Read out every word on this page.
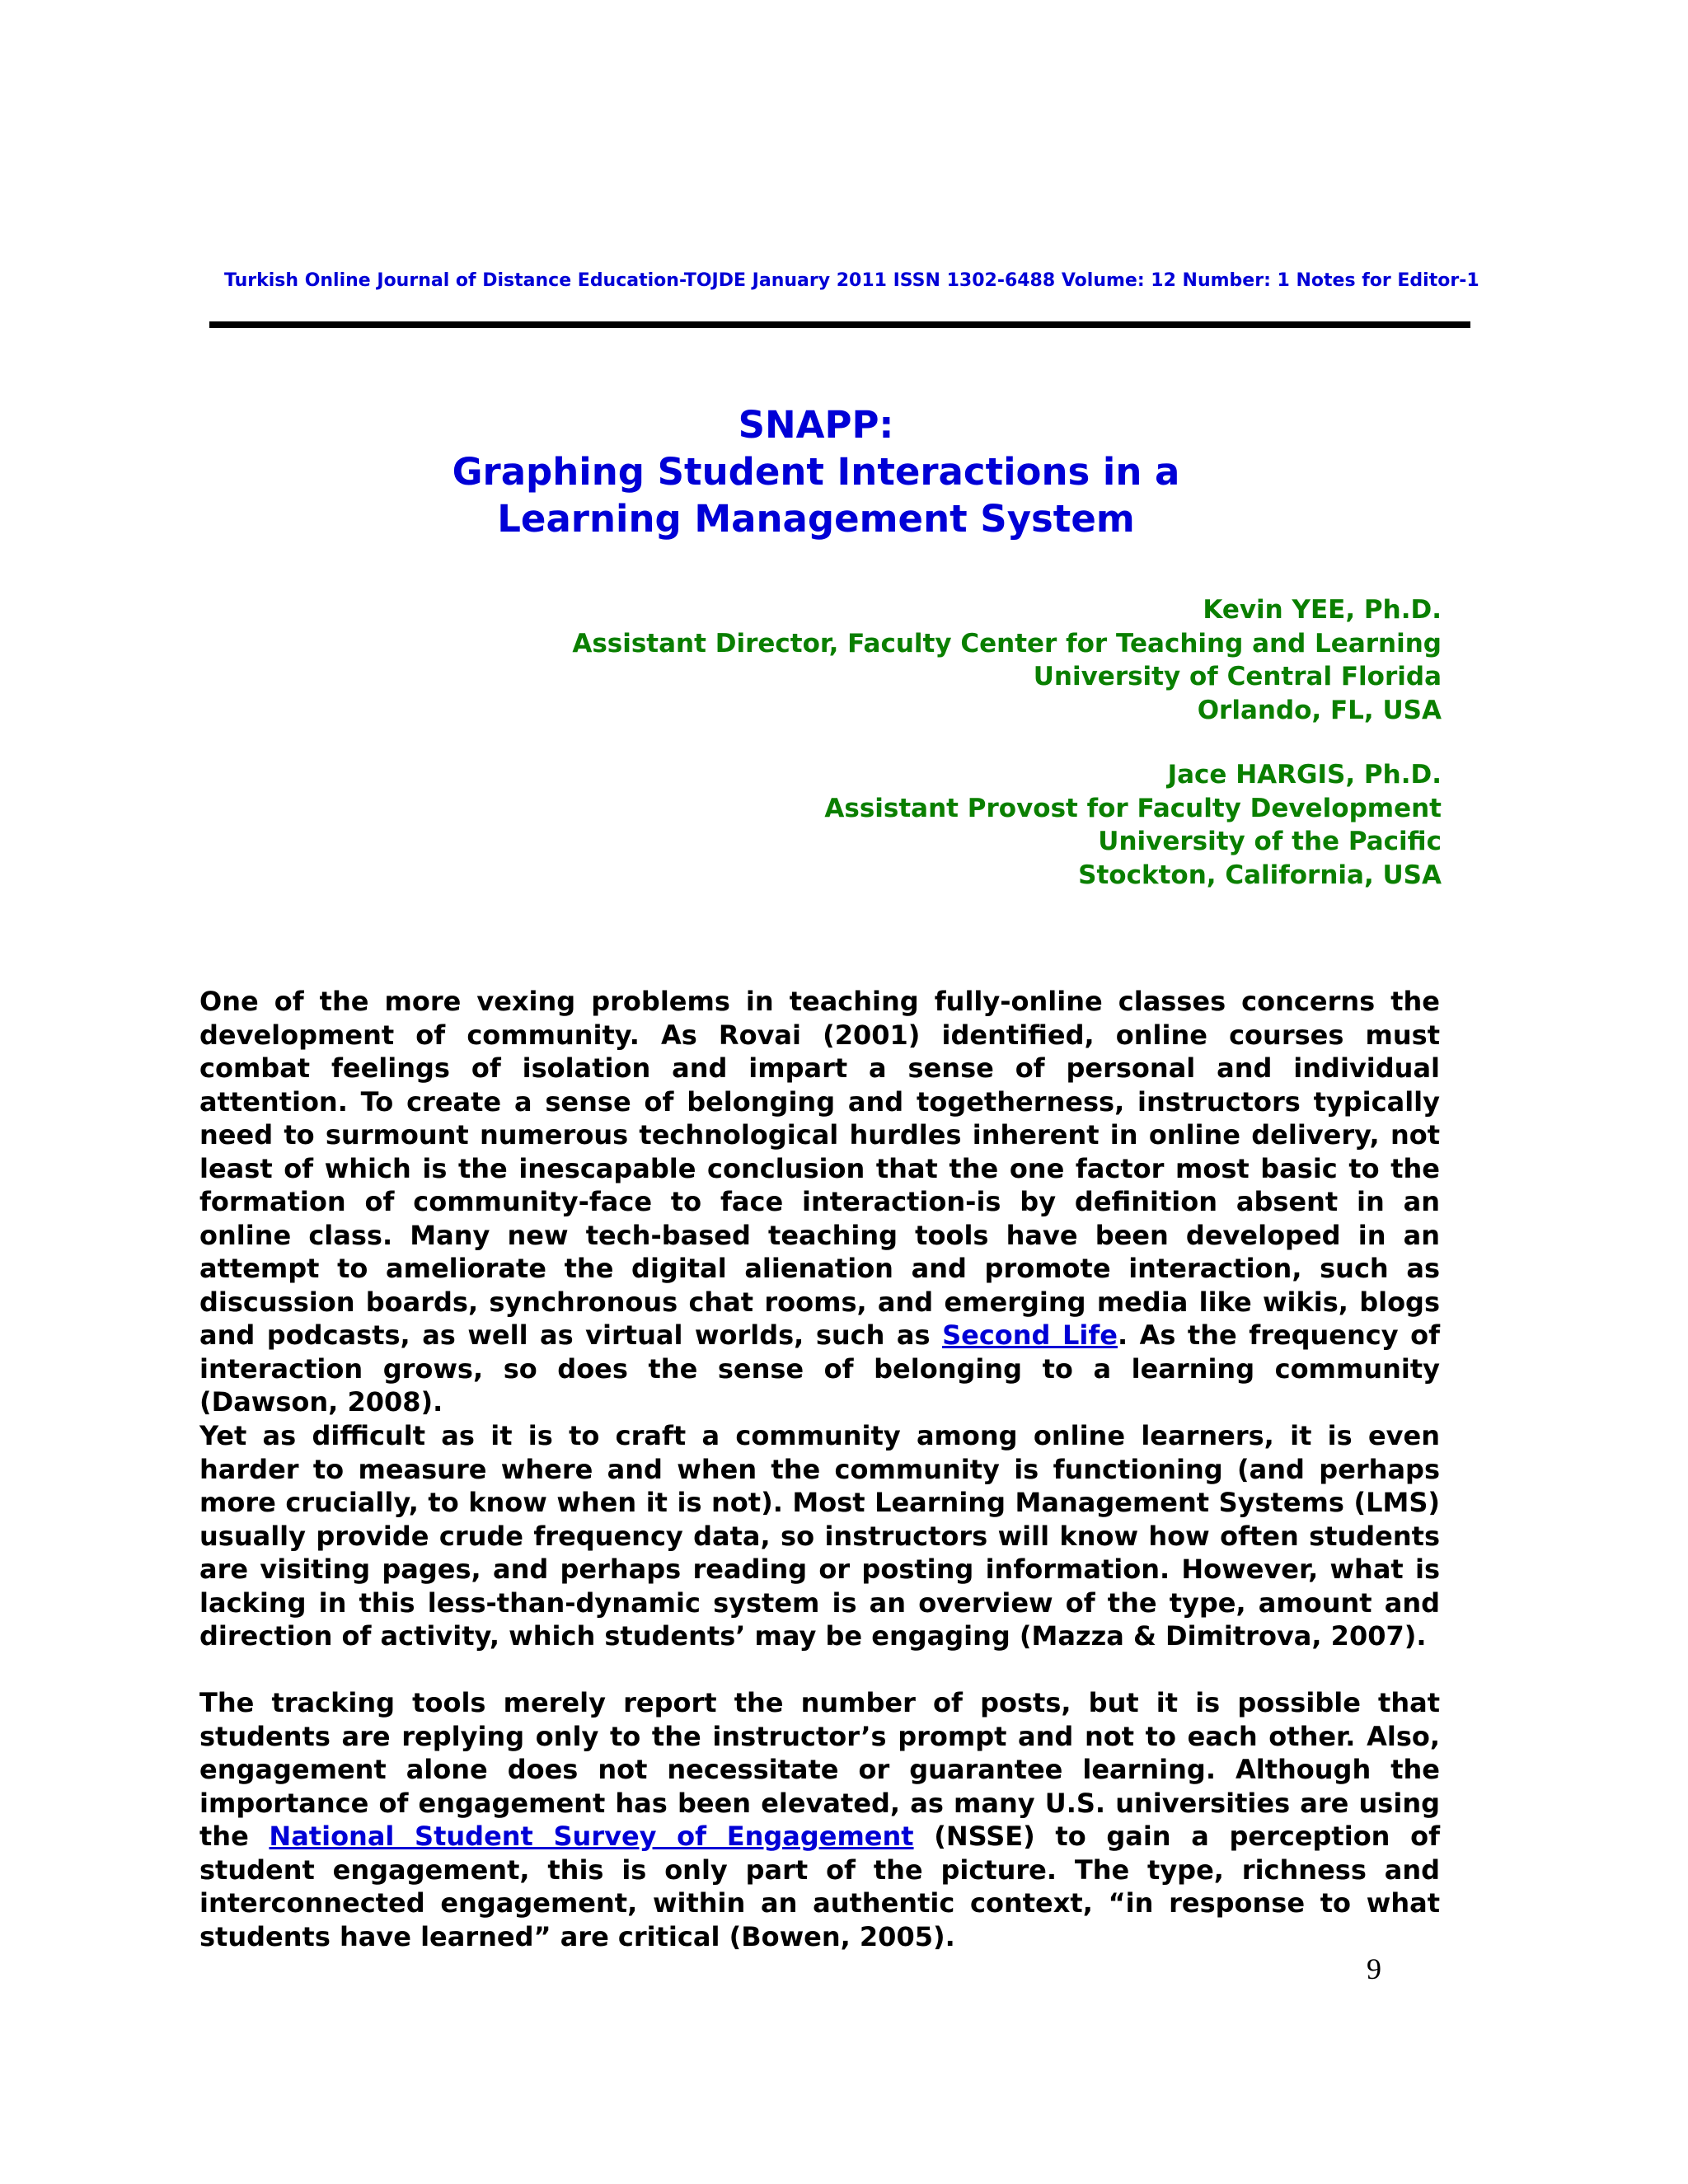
Turkish Online Journal of Distance Education-TOJDE January 2011 ISSN 1302-6488 Volume: 12 Number: 1 Notes for Editor-1
SNAPP:
Graphing Student Interactions in a
Learning Management System
Kevin YEE, Ph.D.
Assistant Director, Faculty Center for Teaching and Learning
University of Central Florida
Orlando, FL, USA
Jace HARGIS, Ph.D.
Assistant Provost for Faculty Development
University of the Pacific
Stockton, California, USA

One of the more vexing problems in teaching fully-online classes concerns the development of community. As Rovai (2001) identified, online courses must combat feelings of isolation and impart a sense of personal and individual attention. To create a sense of belonging and togetherness, instructors typically need to surmount numerous technological hurdles inherent in online delivery, not least of which is the inescapable conclusion that the one factor most basic to the formation of community-face to face interaction-is by definition absent in an online class. Many new tech-based teaching tools have been developed in an attempt to ameliorate the digital alienation and promote interaction, such as discussion boards, synchronous chat rooms, and emerging media like wikis, blogs and podcasts, as well as virtual worlds, such as Second Life. As the frequency of interaction grows, so does the sense of belonging to a learning community (Dawson, 2008).

Yet as difficult as it is to craft a community among online learners, it is even harder to measure where and when the community is functioning (and perhaps more crucially, to know when it is not). Most Learning Management Systems (LMS) usually provide crude frequency data, so instructors will know how often students are visiting pages, and perhaps reading or posting information. However, what is lacking in this less-than-dynamic system is an overview of the type, amount and direction of activity, which students’ may be engaging (Mazza & Dimitrova, 2007).

The tracking tools merely report the number of posts, but it is possible that students are replying only to the instructor’s prompt and not to each other. Also, engagement alone does not necessitate or guarantee learning. Although the importance of engagement has been elevated, as many U.S. universities are using the National Student Survey of Engagement (NSSE) to gain a perception of student engagement, this is only part of the picture. The type, richness and interconnected engagement, within an authentic context, “in response to what students have learned” are critical (Bowen, 2005).

9
